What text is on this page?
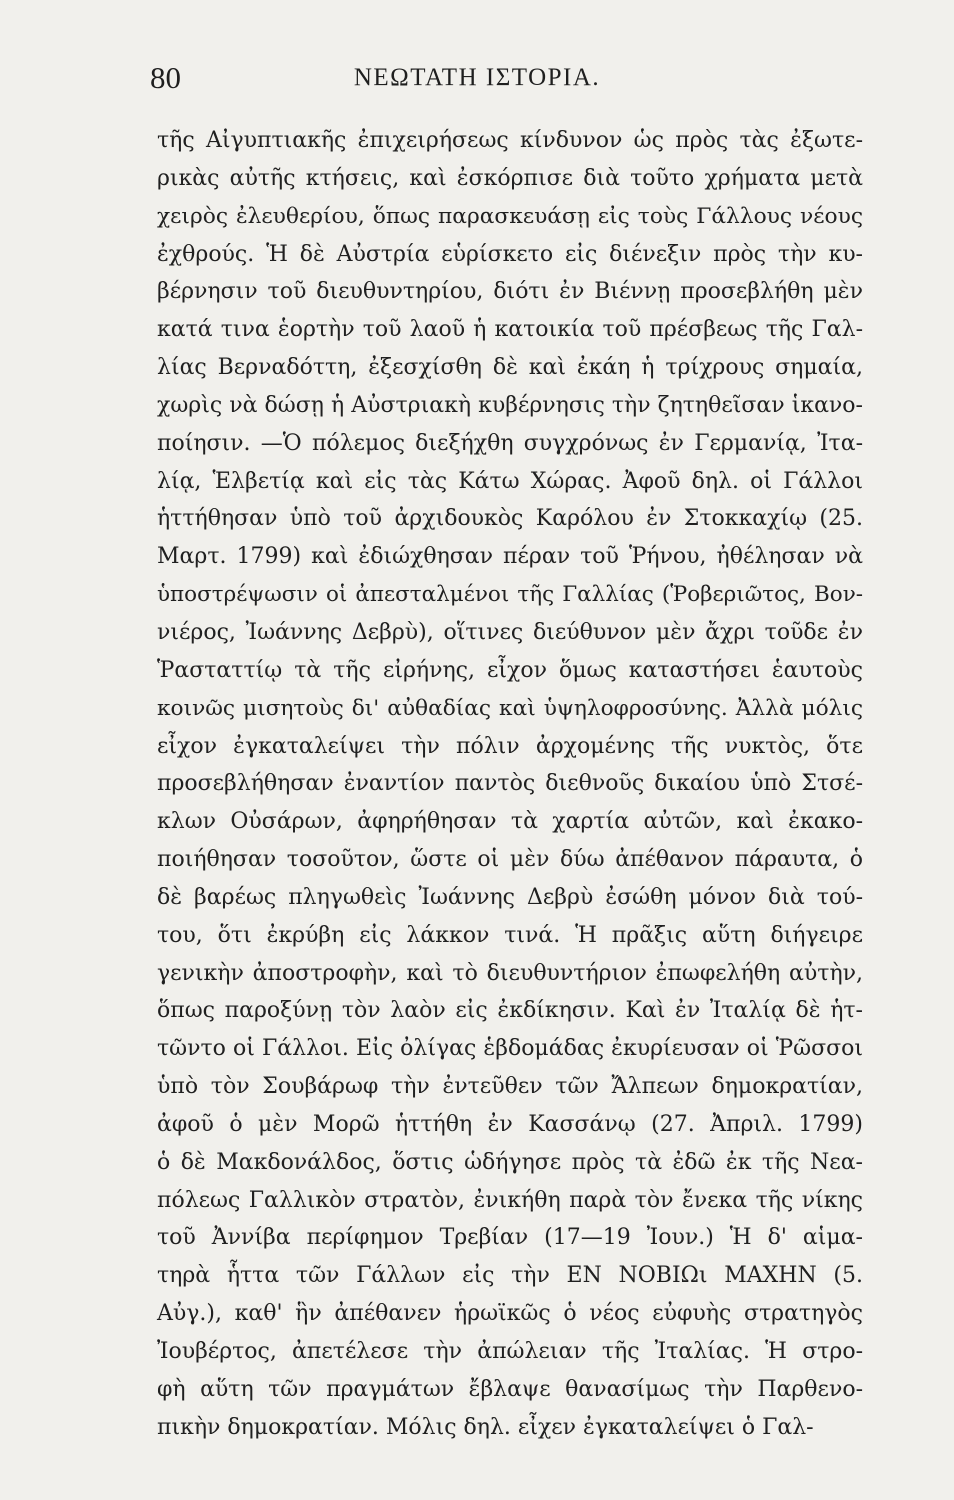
80	ΝΕΩΤΑΤΗ ΙΣΤΟΡΙΑ.
τῆς Αἰγυπτιακῆς ἐπιχειρήσεως κίνδυνον ὡς πρὸς τὰς ἐξωτε-
ρικὰς αὐτῆς κτήσεις, καὶ ἐσκόρπισε διὰ τοῦτο χρήματα μετὰ
χειρὸς ἐλευθερίου, ὅπως παρασκευάσῃ εἰς τοὺς Γάλλους νέους
ἐχθρούς. Ἡ δὲ Αὐστρία εὑρίσκετο εἰς διένεξιν πρὸς τὴν κυ-
βέρνησιν τοῦ διευθυντηρίου, διότι ἐν Βιέννῃ προσεβλήθη μὲν
κατά τινα ἑορτὴν τοῦ λαοῦ ἡ κατοικία τοῦ πρέσβεως τῆς Γαλ-
λίας Βερναδόττη, ἐξεσχίσθη δὲ καὶ ἐκάη ἡ τρίχρους σημαία,
χωρὶς νὰ δώσῃ ἡ Αὐστριακὴ κυβέρνησις τὴν ζητηθεῖσαν ἱκανο-
ποίησιν. —Ὁ πόλεμος διεξήχθη συγχρόνως ἐν Γερμανίᾳ, Ἰτα-
λίᾳ, Ἑλβετίᾳ καὶ εἰς τὰς Κάτω Χώρας. Ἀφοῦ δηλ. οἱ Γάλλοι
ἡττήθησαν ὑπὸ τοῦ ἀρχιδουκὸς Καρόλου ἐν Στοκκαχίῳ (25.
Μαρτ. 1799) καὶ ἐδιώχθησαν πέραν τοῦ Ῥήνου, ἠθέλησαν νὰ
ὑποστρέψωσιν οἱ ἀπεσταλμένοι τῆς Γαλλίας (Ῥοβεριῶτος, Βον-
νιέρος, Ἰωάννης Δεβρὺ), οἵτινες διεύθυνον μὲν ἄχρι τοῦδε ἐν
Ῥασταττίῳ τὰ τῆς εἰρήνης, εἶχον ὅμως καταστήσει ἑαυτοὺς
κοινῶς μισητοὺς δι' αὐθαδίας καὶ ὑψηλοφροσύνης. Ἀλλὰ μόλις
εἶχον ἐγκαταλείψει τὴν πόλιν ἀρχομένης τῆς νυκτὸς, ὅτε
προσεβλήθησαν ἐναντίον παντὸς διεθνοῦς δικαίου ὑπὸ Στσέ-
κλων Οὐσάρων, ἀφηρήθησαν τὰ χαρτία αὐτῶν, καὶ ἐκακο-
ποιήθησαν τοσοῦτον, ὥστε οἱ μὲν δύω ἀπέθανον πάραυτα, ὁ
δὲ βαρέως πληγωθεὶς Ἰωάννης Δεβρὺ ἐσώθη μόνον διὰ τού-
του, ὅτι ἐκρύβη εἰς λάκκον τινά. Ἡ πρᾶξις αὕτη διήγειρε
γενικὴν ἀποστροφὴν, καὶ τὸ διευθυντήριον ἐπωφελήθη αὐτὴν,
ὅπως παροξύνῃ τὸν λαὸν εἰς ἐκδίκησιν. Καὶ ἐν Ἰταλίᾳ δὲ ἡτ-
τῶντο οἱ Γάλλοι. Εἰς ὀλίγας ἑβδομάδας ἐκυρίευσαν οἱ Ῥῶσσοι
ὑπὸ τὸν Σουβάρωφ τὴν ἐντεῦθεν τῶν Ἄλπεων δημοκρατίαν,
ἀφοῦ ὁ μὲν Μορῶ ἡττήθη ἐν Κασσάνῳ (27. Ἀπριλ. 1799)
ὁ δὲ Μακδονάλδος, ὅστις ὡδήγησε πρὸς τὰ ἐδῶ ἐκ τῆς Νεα-
πόλεως Γαλλικὸν στρατὸν, ἐνικήθη παρὰ τὸν ἔνεκα τῆς νίκης
τοῦ Ἀννίβα περίφημον Τρεβίαν (17—19 Ἰουν.) Ἡ δ' αἱμα-
τηρὰ ἧττα τῶν Γάλλων εἰς τὴν ΕΝ ΝΟΒΙΩι ΜΑΧΗΝ (5.
Αὐγ.), καθ' ἣν ἀπέθανεν ἡρωϊκῶς ὁ νέος εὐφυὴς στρατηγὸς
Ἰουβέρτος, ἀπετέλεσε τὴν ἀπώλειαν τῆς Ἰταλίας. Ἡ στρο-
φὴ αὕτη τῶν πραγμάτων ἔβλαψε θανασίμως τὴν Παρθενο-
πικὴν δημοκρατίαν. Μόλις δηλ. εἶχεν ἐγκαταλείψει ὁ Γαλ-
